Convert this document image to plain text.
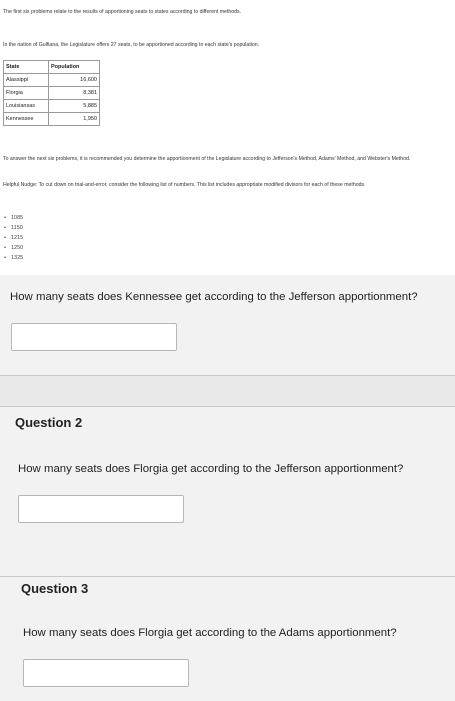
The first six problems relate to the results of apportioning seats to states according to different methods.
In the nation of Gulfiana, the Legislature offers 27 seats, to be apportioned according to each state's population.
State	Population
Alassippi	16,600
Florgia	8,381
Louisiansas	5,885
Kennessee	1,950
To answer the next six problems, it is recommended you determine the apportionment of the Legislature according to Jefferson's Method, Adams' Method, and Webster's Method.
Helpful Nudge: To cut down on trial-and-error, consider the following list of numbers. This list includes appropriate modified divisors for each of these methods.
• 1085
• 1150
• 1215
• 1250
• 1325
How many seats does Kennessee get according to the Jefferson apportionment?
Question 2
How many seats does Florgia get according to the Jefferson apportionment?
Question 3
How many seats does Florgia get according to the Adams apportionment?
